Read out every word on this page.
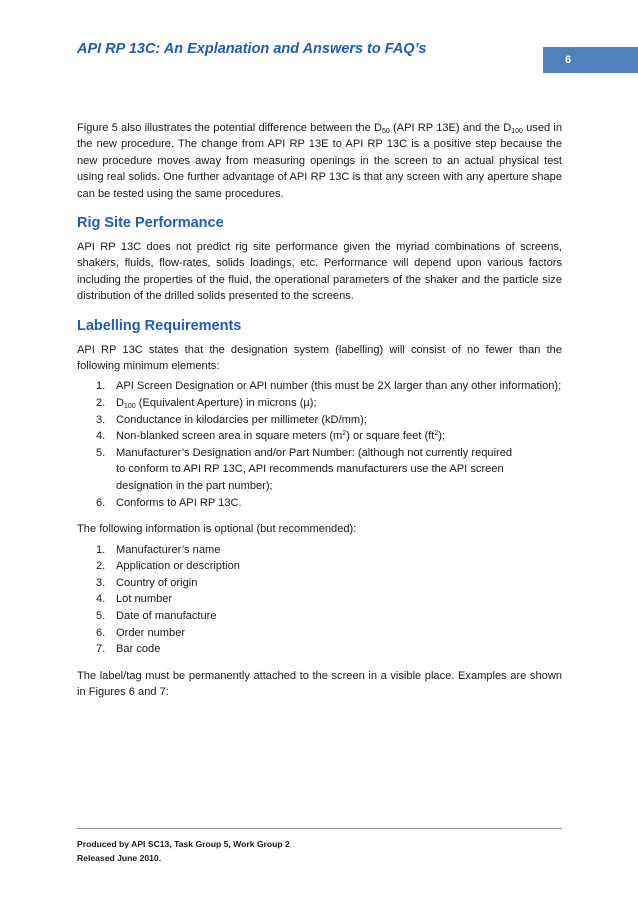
API RP 13C: An Explanation and Answers to FAQ’s
6

Figure 5 also illustrates the potential difference between the $D_{50}$ (API RP 13E) and the $D_{100}$ used in the new procedure. The change from API RP 13E to API RP 13C is a positive step because the new procedure moves away from measuring openings in the screen to an actual physical test using real solids. One further advantage of API RP 13C is that any screen with any aperture shape can be tested using the same procedures.

Rig Site Performance

API RP 13C does not predict rig site performance given the myriad combinations of screens, shakers, fluids, flow-rates, solids loadings, etc. Performance will depend upon various factors including the properties of the fluid, the operational parameters of the shaker and the particle size distribution of the drilled solids presented to the screens.

Labelling Requirements

API RP 13C states that the designation system (labelling) will consist of no fewer than the following minimum elements:

1. API Screen Designation or API number (this must be 2X larger than any other information);
2. $D_{100}$ (Equivalent Aperture) in microns (µ);
3. Conductance in kilodarcies per millimeter (kD/mm);
4. Non-blanked screen area in square meters $(m^2)$ or square feet $(ft^2)$;
5. Manufacturer’s Designation and/or Part Number: (although not currently required to conform to API RP 13C, API recommends manufacturers use the API screen designation in the part number);
6. Conforms to API RP 13C.

The following information is optional (but recommended):

1. Manufacturer’s name
2. Application or description
3. Country of origin
4. Lot number
5. Date of manufacture
6. Order number
7. Bar code

The label/tag must be permanently attached to the screen in a visible place. Examples are shown in Figures 6 and 7:

Produced by API SC13, Task Group 5, Work Group 2
Released June 2010.
